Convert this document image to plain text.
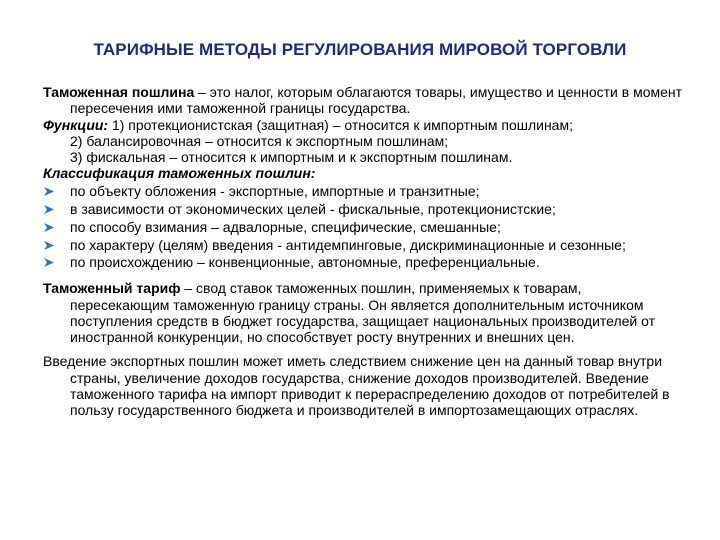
ТАРИФНЫЕ МЕТОДЫ РЕГУЛИРОВАНИЯ МИРОВОЙ ТОРГОВЛИ

Таможенная пошлина – это налог, которым облагаются товары, имущество и ценности в момент пересечения ими таможенной границы государства.

Функции: 1) протекционистская (защитная) – относится к импортным пошлинам;

2) балансировочная – относится к экспортным пошлинам;

3) фискальная – относится к импортным и к экспортным пошлинам.

Классификация таможенных пошлин:

по объекту обложения - экспортные, импортные и транзитные;
в зависимости от экономических целей - фискальные, протекционистские;
по способу взимания – адвалорные, специфические, смешанные;
по характеру (целям) введения - антидемпинговые, дискриминационные и сезонные;
по происхождению – конвенционные, автономные, преференциальные.

Таможенный тариф – свод ставок таможенных пошлин, применяемых к товарам, пересекающим таможенную границу страны. Он является дополнительным источником поступления средств в бюджет государства, защищает национальных производителей от иностранной конкуренции, но способствует росту внутренних и внешних цен.

Введение экспортных пошлин может иметь следствием снижение цен на данный товар внутри страны, увеличение доходов государства, снижение доходов производителей. Введение таможенного тарифа на импорт приводит к перераспределению доходов от потребителей в пользу государственного бюджета и производителей в импортозамещающих отраслях.
